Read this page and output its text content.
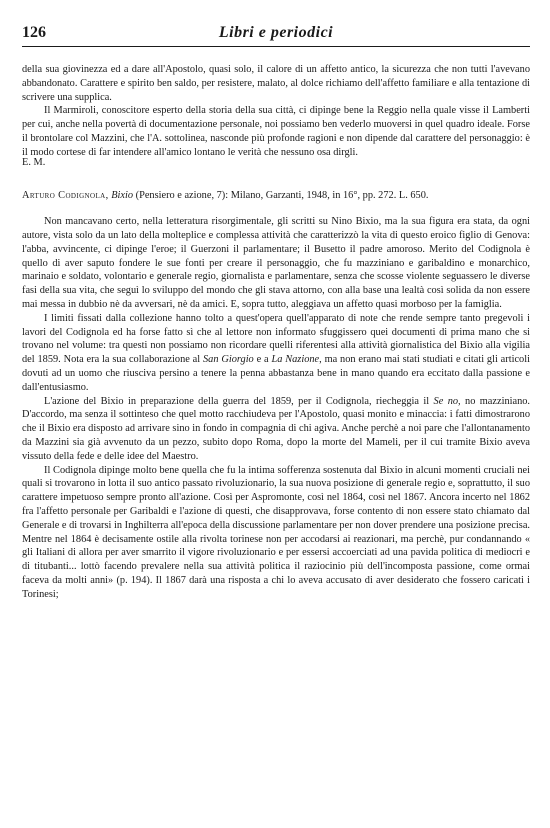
126	Libri e periodici

della sua giovinezza ed a dare all'Apostolo, quasi solo, il calore di un affetto antico, la sicurezza che non tutti l'avevano abbandonato. Carattere e spirito ben saldo, per resistere, malato, al dolce richiamo dell'affetto familiare e alla tentazione di scrivere una supplica.

Il Marmiroli, conoscitore esperto della storia della sua città, ci dipinge bene la Reggio nella quale visse il Lamberti per cui, anche nella povertà di documentazione personale, noi possiamo ben vederlo muoversi in quel quadro ideale. Forse il brontolare col Mazzini, che l'A. sottolinea, nasconde più profonde ragioni e non dipende dal carattere del personaggio: è il modo cortese di far intendere all'amico lontano le verità che nessuno osa dirgli.

E. M.

Arturo Codignola, Bixio (Pensiero e azione, 7): Milano, Garzanti, 1948, in 16°, pp. 272. L. 650.

Non mancavano certo, nella letteratura risorgimentale, gli scritti su Nino Bixio, ma la sua figura era stata, da ogni autore, vista solo da un lato della molteplice e complessa attività che caratterizzò la vita di questo eroico figlio di Genova: l'abba, avvincente, ci dipinge l'eroe; il Guerzoni il parlamentare; il Busetto il padre amoroso. Merito del Codignola è quello di aver saputo fondere le sue fonti per creare il personaggio, che fu mazziniano e garibaldino e monarchico, marinaio e soldato, volontario e generale regio, giornalista e parlamentare, senza che scosse violente seguassero le diverse fasi della sua vita, che seguì lo sviluppo del mondo che gli stava attorno, con alla base una lealtà così solida da non essere mai messa in dubbio nè da avversari, nè da amici. E, sopra tutto, aleggiava un affetto quasi morboso per la famiglia.

I limiti fissati dalla collezione hanno tolto a quest'opera quell'apparato di note che rende sempre tanto pregevoli i lavori del Codignola ed ha forse fatto sì che al lettore non informato sfuggissero quei documenti di prima mano che si trovano nel volume: tra questi non possiamo non ricordare quelli riferentesi alla attività giornalistica del Bixio alla vigilia del 1859. Nota era la sua collaborazione al San Giorgio e a La Nazione, ma non erano mai stati studiati e citati gli articoli dovuti ad un uomo che riusciva persino a tenere la penna abbastanza bene in mano quando era eccitato dalla passione e dall'entusiasmo.

L'azione del Bixio in preparazione della guerra del 1859, per il Codignola, riecheggia il Se no, no mazziniano. D'accordo, ma senza il sottinteso che quel motto racchiudeva per l'Apostolo, quasi monito e minaccia: i fatti dimostrarono che il Bixio era disposto ad arrivare sino in fondo in compagnia di chi agiva. Anche perchè a noi pare che l'allontanamento da Mazzini sia già avvenuto da un pezzo, subito dopo Roma, dopo la morte del Mameli, per il cui tramite Bixio aveva vissuto della fede e delle idee del Maestro.

Il Codignola dipinge molto bene quella che fu la intima sofferenza sostenuta dal Bixio in alcuni momenti cruciali nei quali si trovarono in lotta il suo antico passato rivoluzionario, la sua nuova posizione di generale regio e, soprattutto, il suo carattere impetuoso sempre pronto all'azione. Così per Aspromonte, così nel 1864, così nel 1867. Ancora incerto nel 1862 fra l'affetto personale per Garibaldi e l'azione di questi, che disapprovava, forse contento di non essere stato chiamato dal Generale e di trovarsi in Inghilterra all'epoca della discussione parlamentare per non dover prendere una posizione precisa. Mentre nel 1864 è decisamente ostile alla rivolta torinese non per accodarsi ai reazionari, ma perchè, pur condannando « gli Italiani di allora per aver smarrito il vigore rivoluzionario e per essersi accoerciati ad una pavida politica di mediocri e di titubanti... lottò facendo prevalere nella sua attività politica il raziocinio più dell'incomposta passione, come ormai faceva da molti anni» (p. 194). Il 1867 darà una risposta a chi lo aveva accusato di aver desiderato che fossero caricati i Torinesi;
